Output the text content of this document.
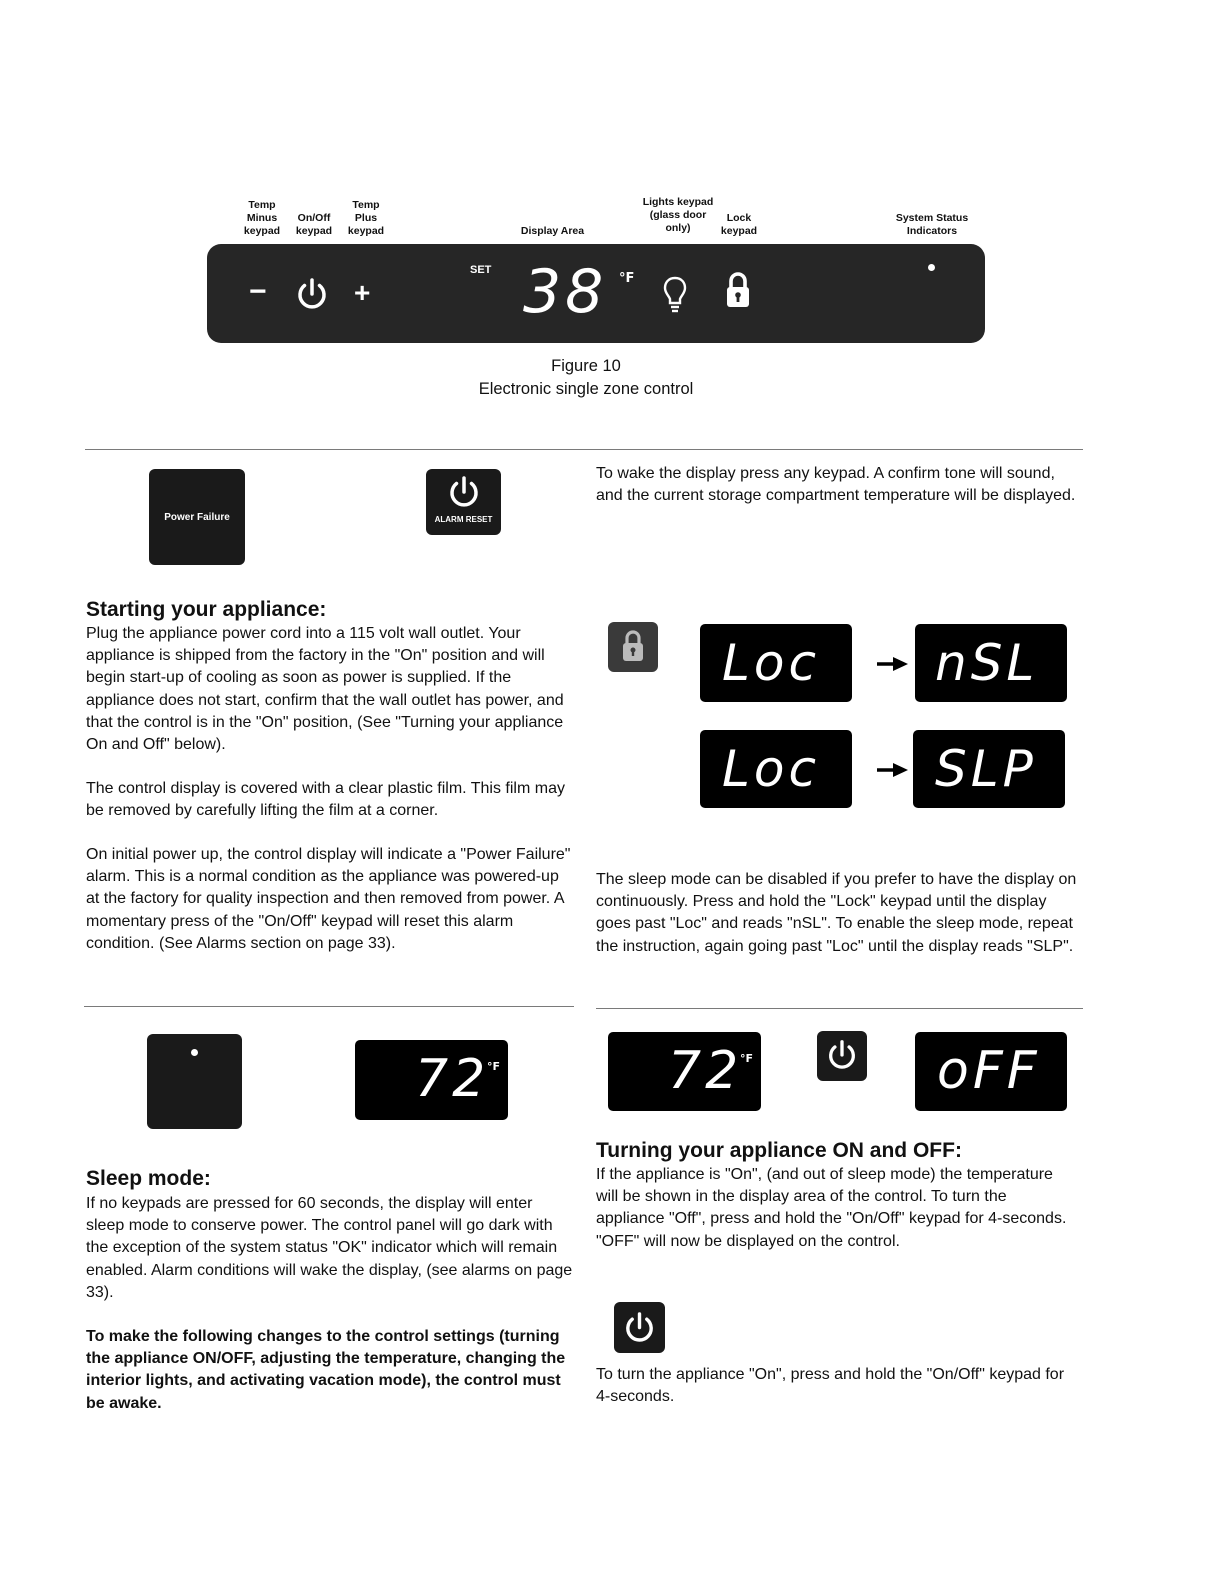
Temp
Minus
keypad
On/Off
keypad
Temp
Plus
keypad	Display Area
Lights keypad
(glass door
only)
Lock
keypad
System Status
Indicators
−	+
SET 38 °F
Figure 10
Electronic single zone control
Power Failure	ALARM RESET
To wake the display press any keypad. A confirm tone will sound, and the current storage compartment temperature will be displayed.
Starting your appliance:
Plug the appliance power cord into a 115 volt wall outlet. Your appliance is shipped from the factory in the "On" position and will begin start-up of cooling as soon as power is supplied. If the appliance does not start, confirm that the wall outlet has power, and that the control is in the "On" position, (See "Turning your appliance On and Off" below).
The control display is covered with a clear plastic film. This film may be removed by carefully lifting the film at a corner.
On initial power up, the control display will indicate a "Power Failure" alarm. This is a normal condition as the appliance was powered-up at the factory for quality inspection and then removed from power. A momentary press of the "On/Off" keypad will reset this alarm condition. (See Alarms section on page 33).
Loc nSL
Loc SLP
The sleep mode can be disabled if you prefer to have the display on continuously. Press and hold the "Lock" keypad until the display goes past "Loc" and reads "nSL". To enable the sleep mode, repeat the instruction, again going past "Loc" until the display reads "SLP".
72
°F
Sleep mode:
If no keypads are pressed for 60 seconds, the display will enter sleep mode to conserve power. The control panel will go dark with the exception of the system status "OK" indicator which will remain enabled. Alarm conditions will wake the display, (see alarms on page 33).
To make the following changes to the control settings (turning the appliance ON/OFF, adjusting the temperature, changing the interior lights, and activating vacation mode), the control must be awake.
72
°F	oFF
Turning your appliance ON and OFF:
If the appliance is "On", (and out of sleep mode) the temperature will be shown in the display area of the control. To turn the appliance "Off", press and hold the "On/Off" keypad for 4-seconds. "OFF" will now be displayed on the control.
To turn the appliance "On", press and hold the "On/Off" keypad for 4-seconds.
